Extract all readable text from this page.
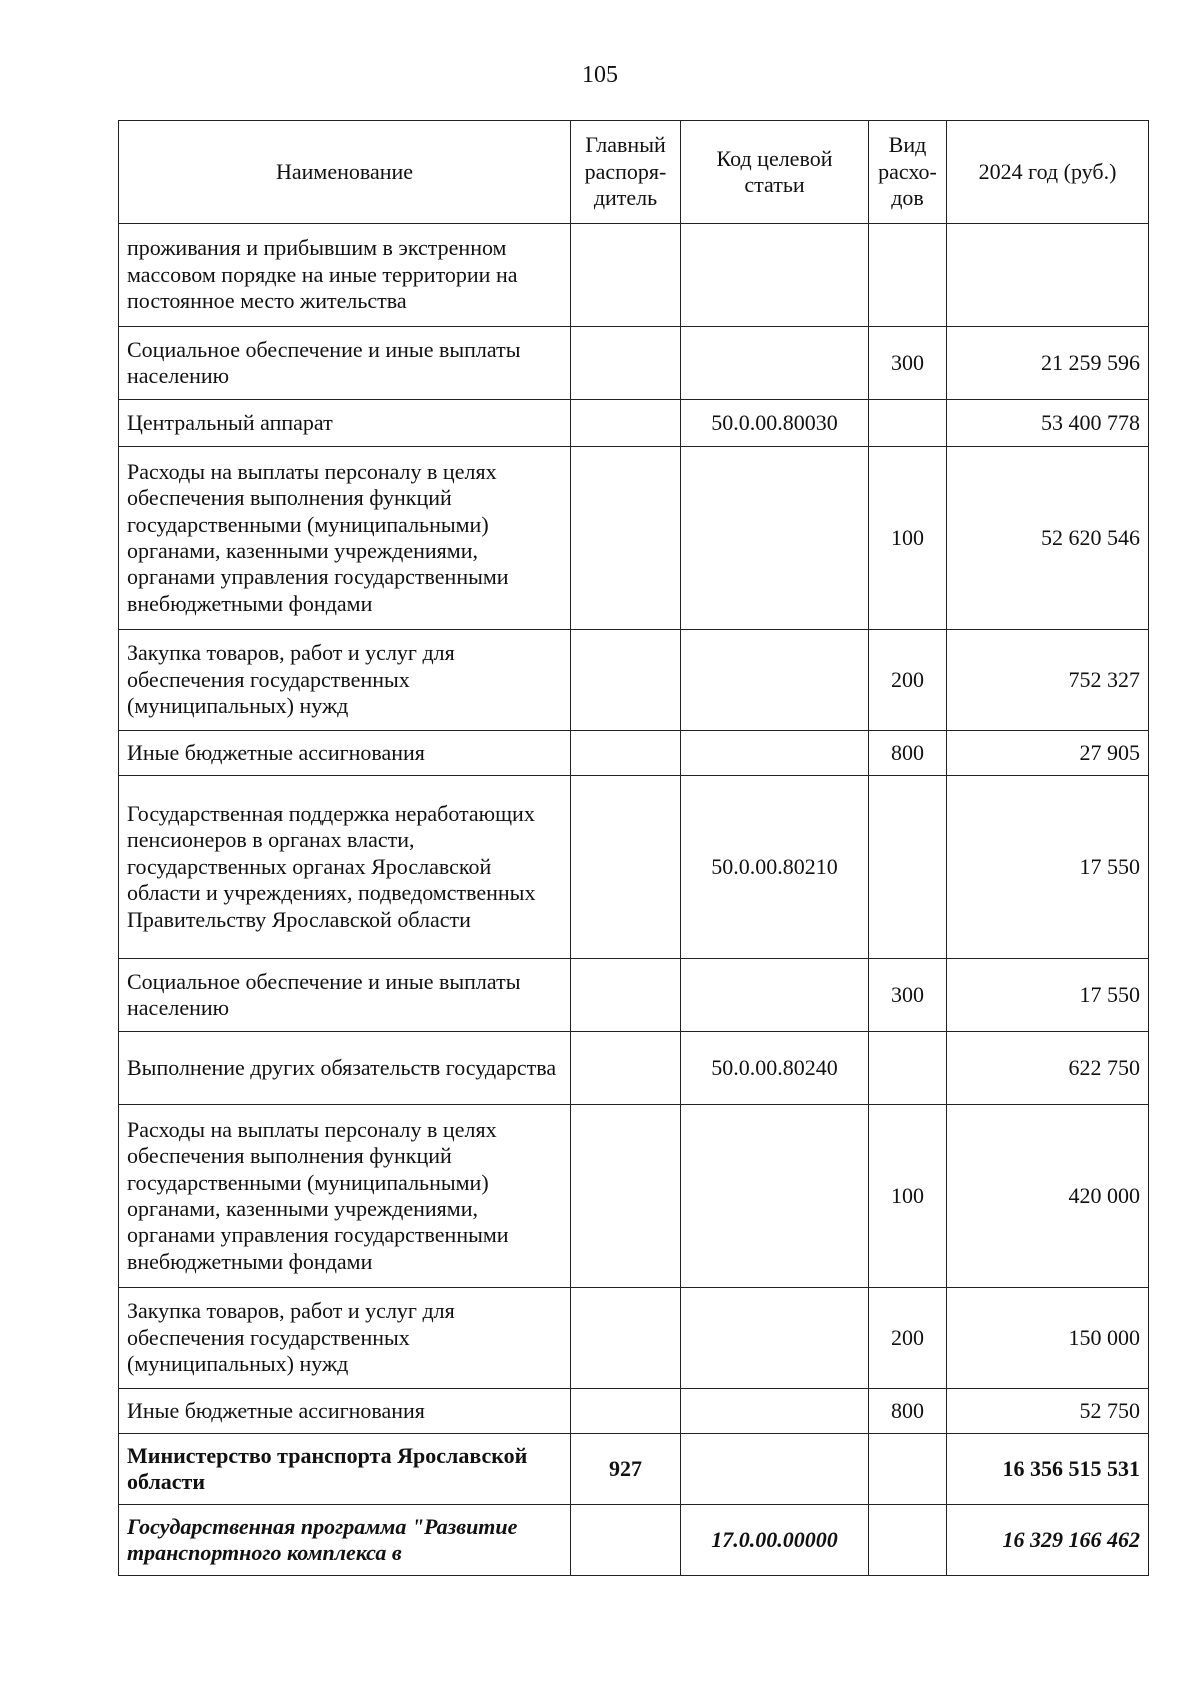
105
Наименование	Главный распоря-дитель	Код целевой статьи	Вид расхо-дов	2024 год (руб.)
проживания и прибывшим в экстренном массовом порядке на иные территории на постоянное место жительства				
Социальное обеспечение и иные выплаты населению			300	21 259 596
Центральный аппарат		50.0.00.80030		53 400 778
Расходы на выплаты персоналу в целях обеспечения выполнения функций государственными (муниципальными) органами, казенными учреждениями, органами управления государственными внебюджетными фондами			100	52 620 546
Закупка товаров, работ и услуг для обеспечения государственных (муниципальных) нужд			200	752 327
Иные бюджетные ассигнования			800	27 905
Государственная поддержка неработающих пенсионеров в органах власти, государственных органах Ярославской области и учреждениях, подведомственных Правительству Ярославской области		50.0.00.80210		17 550
Социальное обеспечение и иные выплаты населению			300	17 550
Выполнение других обязательств государства		50.0.00.80240		622 750
Расходы на выплаты персоналу в целях обеспечения выполнения функций государственными (муниципальными) органами, казенными учреждениями, органами управления государственными внебюджетными фондами			100	420 000
Закупка товаров, работ и услуг для обеспечения государственных (муниципальных) нужд			200	150 000
Иные бюджетные ассигнования			800	52 750
Министерство транспорта Ярославской области	927			16 356 515 531
Государственная программа "Развитие транспортного комплекса в		17.0.00.00000		16 329 166 462
